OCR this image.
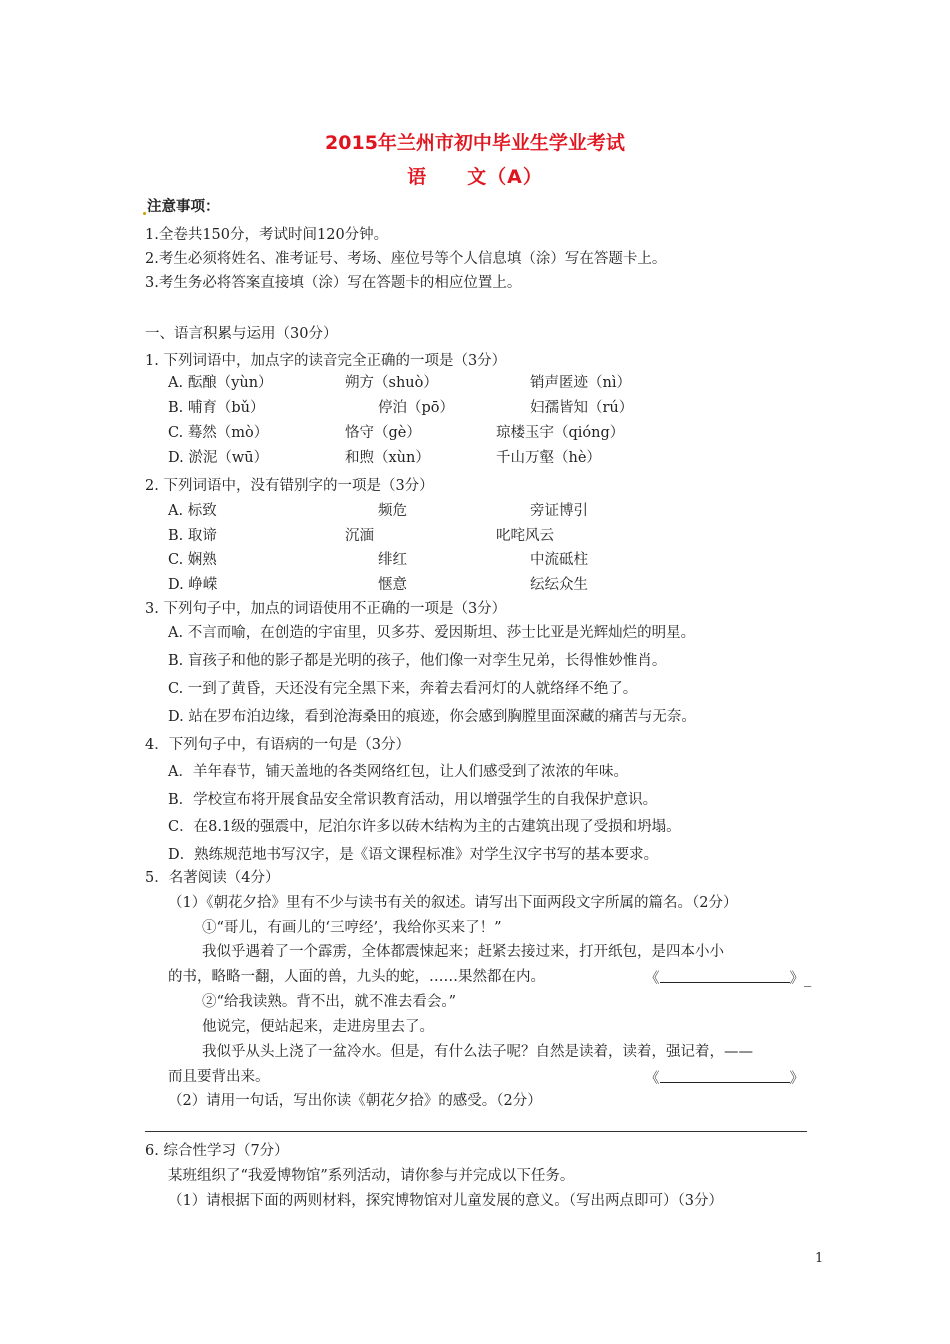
2015年兰州市初中毕业生学业考试
语　　文（A）
注意事项：
1.全卷共150分，考试时间120分钟。
2.考生必须将姓名、准考证号、考场、座位号等个人信息填（涂）写在答题卡上。
3.考生务必将答案直接填（涂）写在答题卡的相应位置上。
一、语言积累与运用（30分）
1. 下列词语中，加点字的读音完全正确的一项是（3分）
A. 酝酿（yùn）	朔方（shuò）	销声匿迹（nì）
B. 哺育（bǔ）	停泊（pō）	妇孺皆知（rú）
C. 蓦然（mò）	恪守（gè）	琼楼玉宇（qióng）
D. 淤泥（wū）	和煦（xùn）	千山万壑（hè）
2. 下列词语中，没有错别字的一项是（3分）
A. 标致	频危	旁证博引
B. 取谛	沉湎	叱咤风云
C. 娴熟	绯红	中流砥柱
D. 峥嵘	惬意	纭纭众生
3. 下列句子中，加点的词语使用不正确的一项是（3分）
A. 不言而喻，在创造的宇宙里，贝多芬、爱因斯坦、莎士比亚是光辉灿烂的明星。
B. 盲孩子和他的影子都是光明的孩子，他们像一对孪生兄弟，长得惟妙惟肖。
C. 一到了黄昏，天还没有完全黑下来，奔着去看河灯的人就络绎不绝了。
D. 站在罗布泊边缘，看到沧海桑田的痕迹，你会感到胸膛里面深藏的痛苦与无奈。
4．下列句子中，有语病的一句是（3分）
A．羊年春节，铺天盖地的各类网络红包，让人们感受到了浓浓的年味。
B．学校宣布将开展食品安全常识教育活动，用以增强学生的自我保护意识。
C．在8.1级的强震中，尼泊尔许多以砖木结构为主的古建筑出现了受损和坍塌。
D．熟练规范地书写汉字，是《语文课程标准》对学生汉字书写的基本要求。
5．名著阅读（4分）
（1）《朝花夕拾》里有不少与读书有关的叙述。请写出下面两段文字所属的篇名。（2分）
①“哥儿，有画儿的‘三哼经’，我给你买来了！”
我似乎遇着了一个霹雳，全体都震悚起来；赶紧去接过来，打开纸包，是四本小小
的书，略略一翻，人面的兽，九头的蛇，……果然都在内。	《	》_
②“给我读熟。背不出，就不准去看会。”
他说完，便站起来，走进房里去了。
我似乎从头上浇了一盆冷水。但是，有什么法子呢？自然是读着，读着，强记着，——
而且要背出来。	《	》
（2）请用一句话，写出你读《朝花夕拾》的感受。（2分）
6. 综合性学习（7分）
某班组织了“我爱博物馆”系列活动，请你参与并完成以下任务。
（1）请根据下面的两则材料，探究博物馆对儿童发展的意义。（写出两点即可）（3分）
1
